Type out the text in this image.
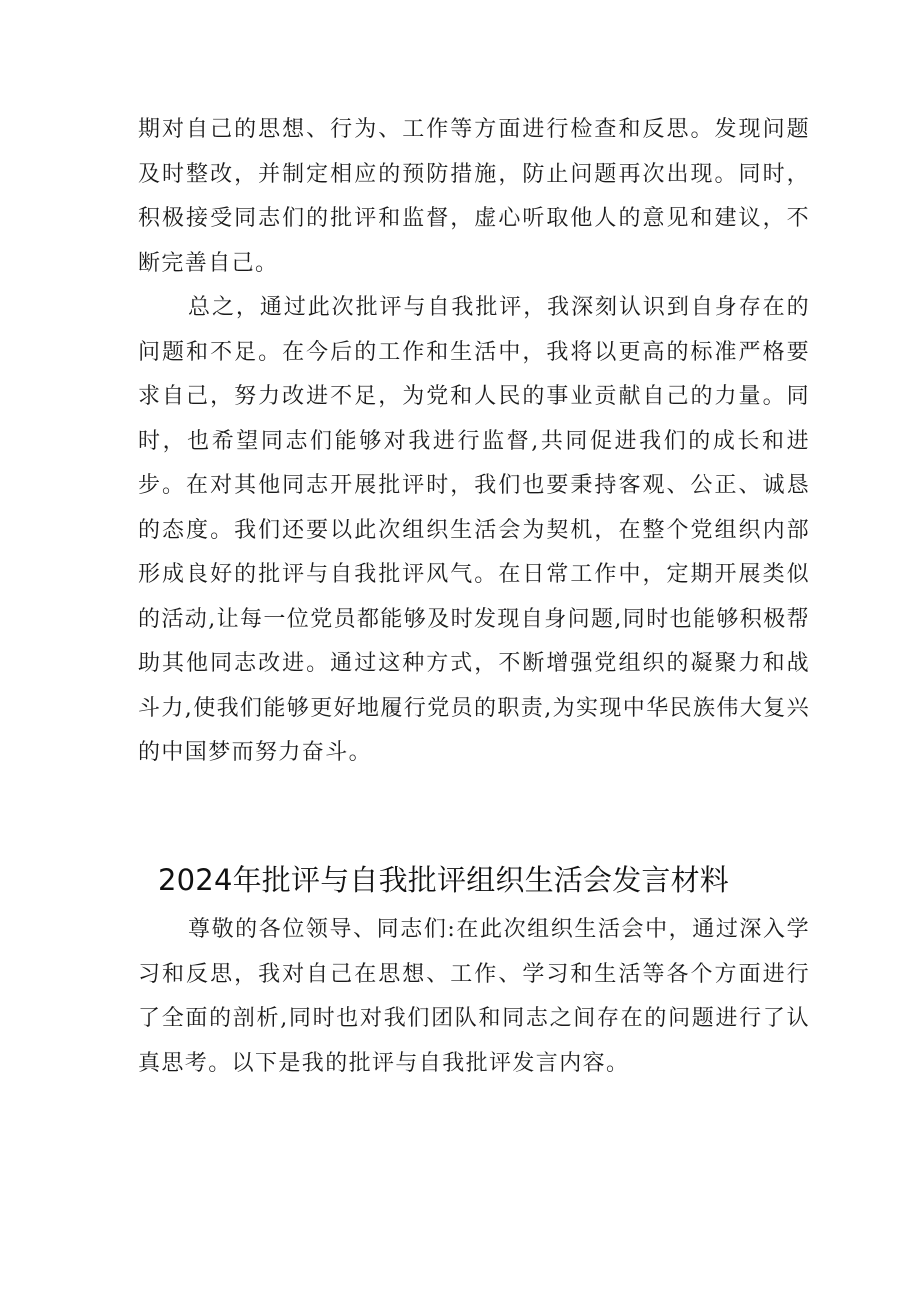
期对自己的思想、行为、工作等方面进行检查和反思。发现问题及时整改，并制定相应的预防措施，防止问题再次出现。同时，积极接受同志们的批评和监督，虚心听取他人的意见和建议，不断完善自己。

总之，通过此次批评与自我批评，我深刻认识到自身存在的问题和不足。在今后的工作和生活中，我将以更高的标准严格要求自己，努力改进不足，为党和人民的事业贡献自己的力量。同时，也希望同志们能够对我进行监督,共同促进我们的成长和进步。在对其他同志开展批评时，我们也要秉持客观、公正、诚恳的态度。我们还要以此次组织生活会为契机，在整个党组织内部形成良好的批评与自我批评风气。在日常工作中，定期开展类似的活动,让每一位党员都能够及时发现自身问题,同时也能够积极帮助其他同志改进。通过这种方式，不断增强党组织的凝聚力和战斗力,使我们能够更好地履行党员的职责,为实现中华民族伟大复兴的中国梦而努力奋斗。

2024年批评与自我批评组织生活会发言材料

尊敬的各位领导、同志们:在此次组织生活会中，通过深入学习和反思，我对自己在思想、工作、学习和生活等各个方面进行了全面的剖析,同时也对我们团队和同志之间存在的问题进行了认真思考。以下是我的批评与自我批评发言内容。
